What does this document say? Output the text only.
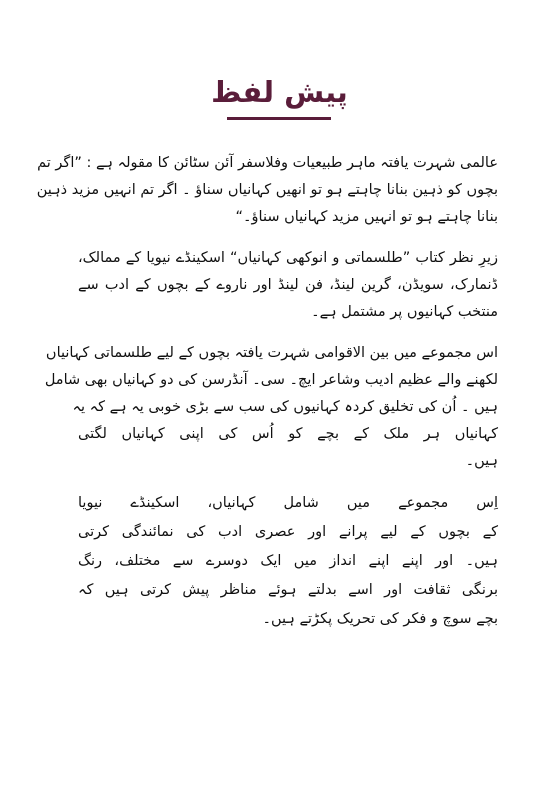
پیش لفظ
عالمی شہرت یافتہ ماہر طبیعیات وفلاسفر آئن سٹائن کا مقولہ ہے : ”اگر تم
بچوں کو ذہین بنانا چاہتے ہو تو انھیں کہانیاں سناؤ ۔ اگر تم انہیں مزید ذہین
بنانا چاہتے ہو تو انہیں مزید کہانیاں سناؤ۔“
زیرِ نظر کتاب ”طلسماتی و انوکھی کہانیاں“ اسکینڈے نیویا کے ممالک،
ڈنمارک، سویڈن، گرین لینڈ، فن لینڈ اور ناروے کے بچوں کے ادب سے
منتخب کہانیوں پر مشتمل ہے۔
اس مجموعے میں بین الاقوامی شہرت یافتہ بچوں کے لیے طلسماتی کہانیاں
لکھنے والے عظیم ادیب وشاعر ایچ۔ سی۔ آنڈرسن کی دو کہانیاں بھی شامل
ہیں ۔ اُن کی تخلیق کردہ کہانیوں کی سب سے بڑی خوبی یہ ہے کہ یہ
کہانیاں ہر ملک کے بچے کو اُس کی اپنی کہانیاں لگتی
ہیں۔
اِس مجموعے میں شامل کہانیاں، اسکینڈے نیویا
کے بچوں کے لیے پرانے اور عصری ادب کی نمائندگی کرتی
ہیں۔ اور اپنے اپنے انداز میں ایک دوسرے سے مختلف، رنگ
برنگی ثقافت اور اسے بدلتے ہوئے مناظر پیش کرتی ہیں کہ
بچے سوچ و فکر کی تحریک پکڑتے ہیں۔
